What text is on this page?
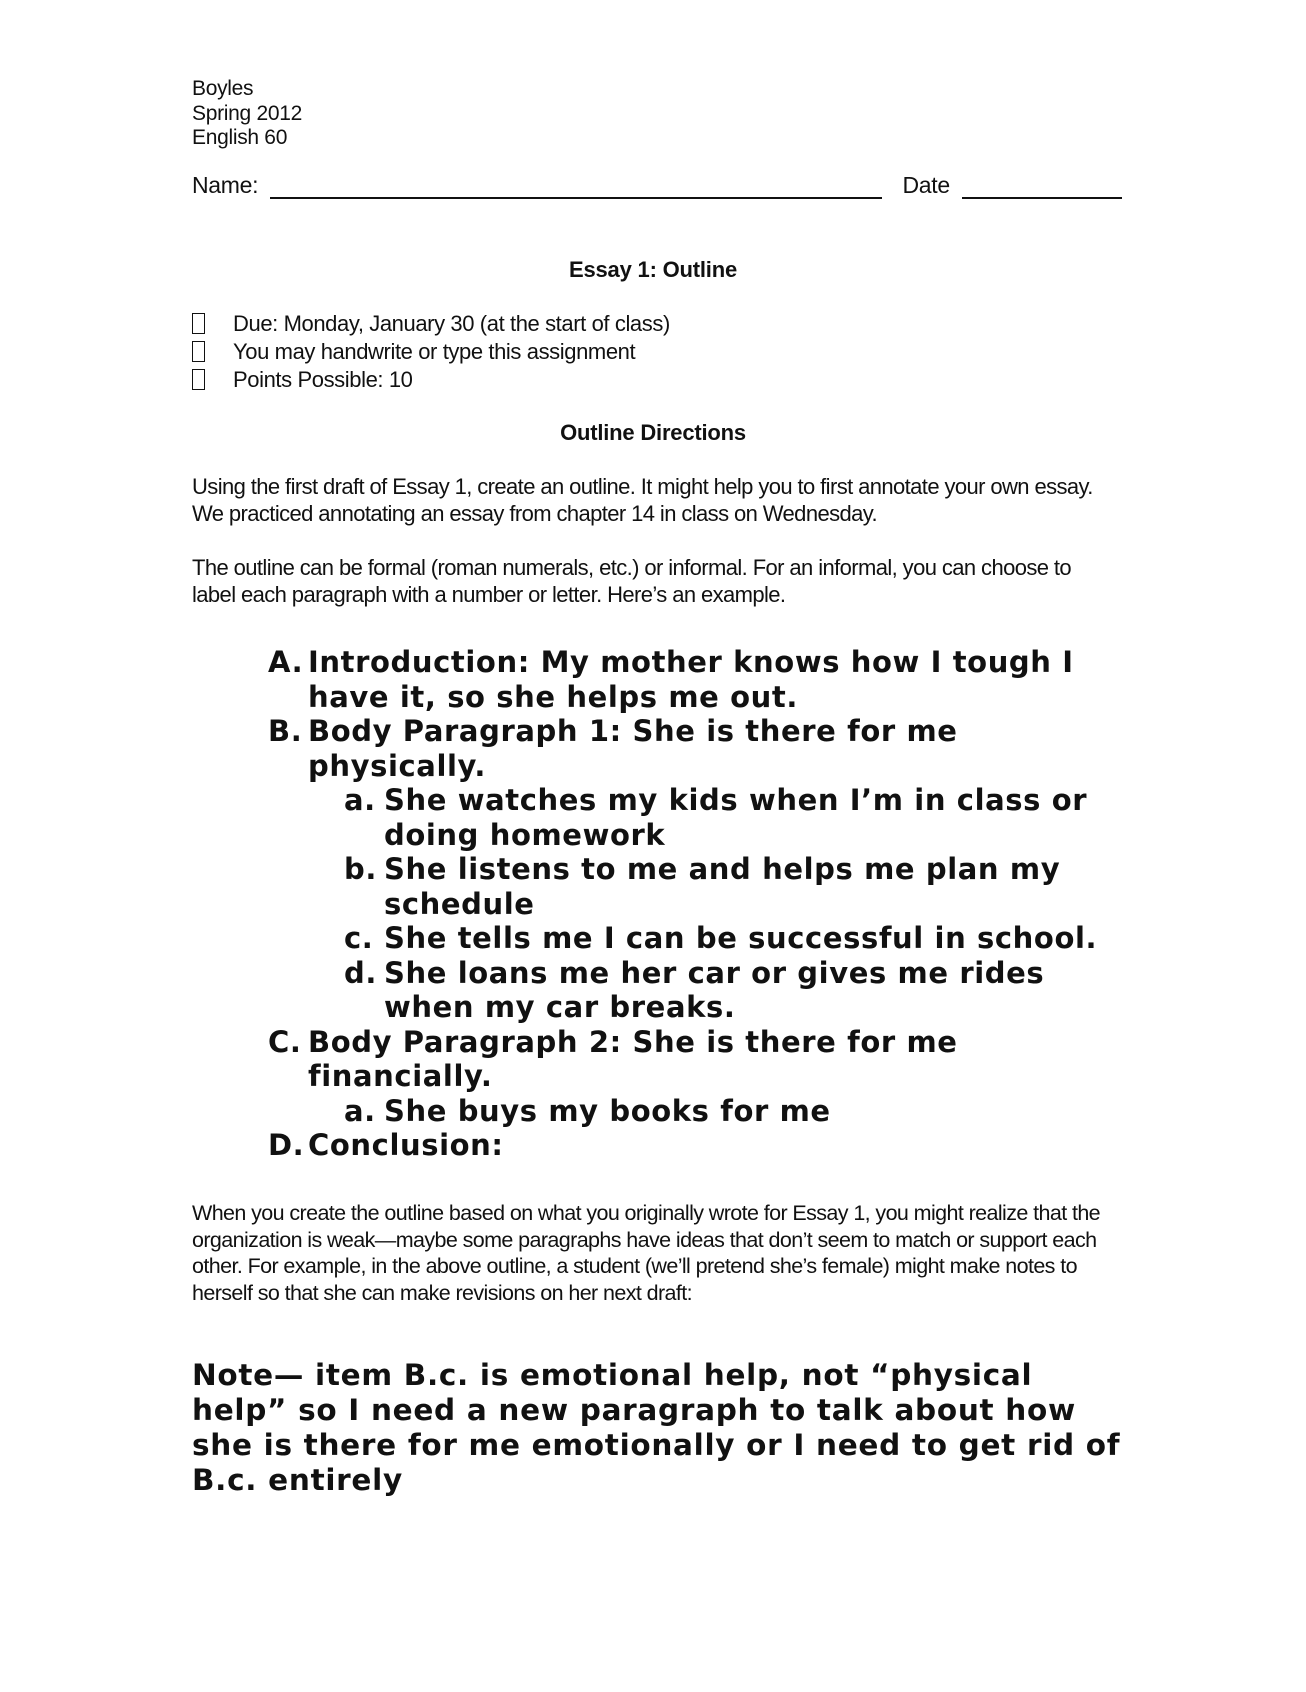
Boyles
Spring 2012
English 60
Name:	Date
Essay 1: Outline
Due: Monday, January 30 (at the start of class)
You may handwrite or type this assignment
Points Possible: 10
Outline Directions

Using the first draft of Essay 1, create an outline. It might help you to first annotate your own essay. We practiced annotating an essay from chapter 14 in class on Wednesday.

The outline can be formal (roman numerals, etc.) or informal. For an informal, you can choose to label each paragraph with a number or letter. Here’s an example.

A. Introduction: My mother knows how I tough I have it, so she helps me out.
B. Body Paragraph 1: She is there for me physically.
a. She watches my kids when I’m in class or doing homework
b. She listens to me and helps me plan my schedule
c. She tells me I can be successful in school.
d. She loans me her car or gives me rides when my car breaks.
C. Body Paragraph 2: She is there for me financially.
a. She buys my books for me
D. Conclusion:
When you create the outline based on what you originally wrote for Essay 1, you might realize that the organization is weak—maybe some paragraphs have ideas that don’t seem to match or support each other. For example, in the above outline, a student (we’ll pretend she’s female) might make notes to herself so that she can make revisions on her next draft:
Note— item B.c. is emotional help, not “physical help” so I need a new paragraph to talk about how she is there for me emotionally or I need to get rid of B.c. entirely
